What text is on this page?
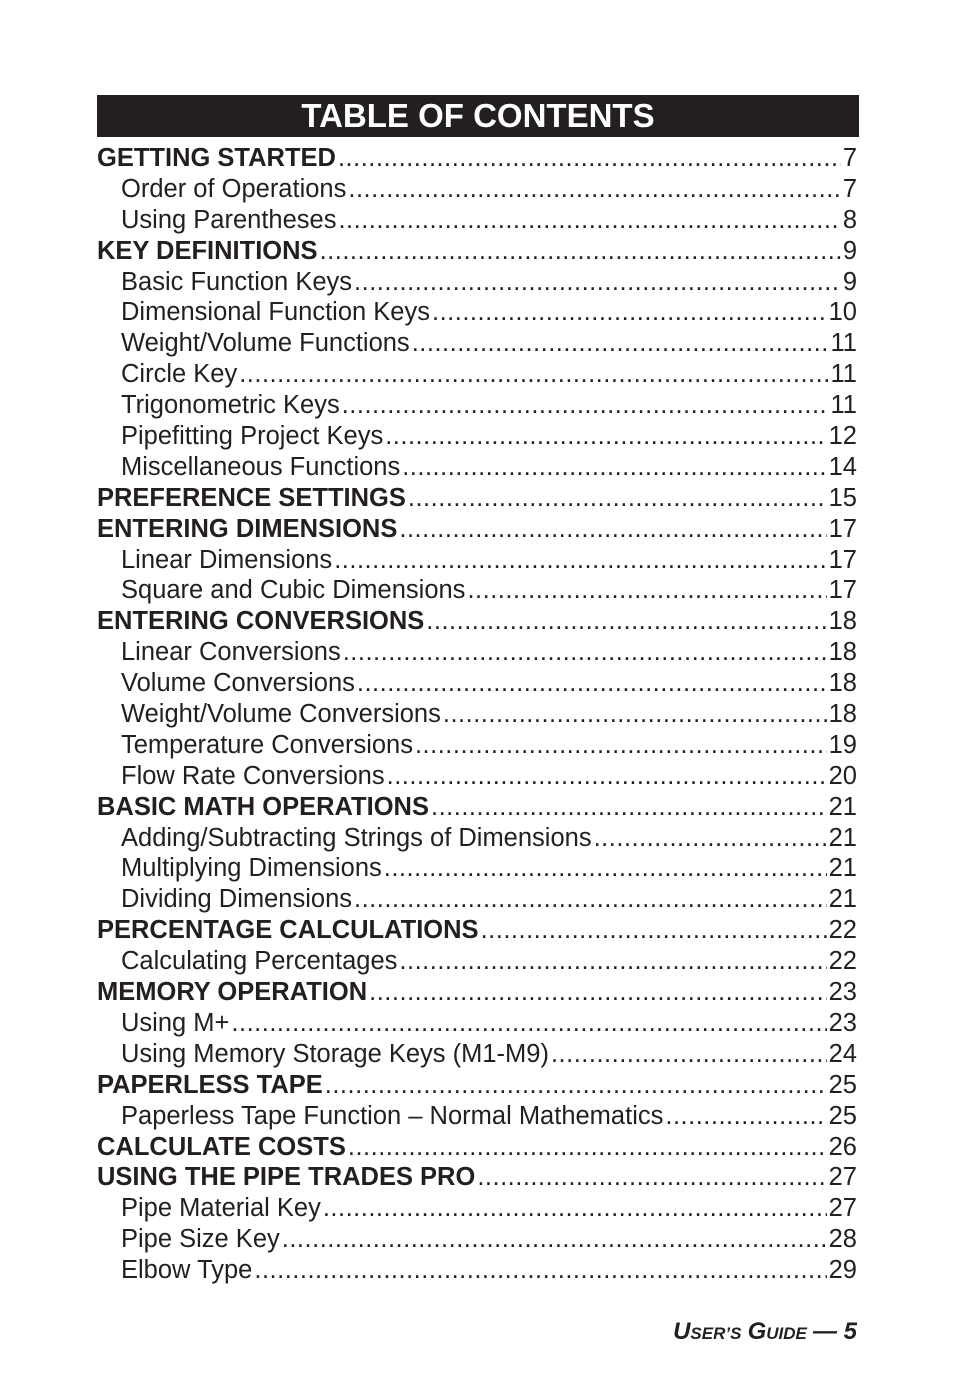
TABLE OF CONTENTS
GETTING STARTED .....	7
Order of Operations .....	7
Using Parentheses .....	8
KEY DEFINITIONS .....	9
Basic Function Keys .....	9
Dimensional Function Keys .....	10
Weight/Volume Functions .....	11
Circle Key .....	11
Trigonometric Keys .....	11
Pipefitting Project Keys .....	12
Miscellaneous Functions .....	14
PREFERENCE SETTINGS .....	15
ENTERING DIMENSIONS .....	17
Linear Dimensions .....	17
Square and Cubic Dimensions .....	17
ENTERING CONVERSIONS .....	18
Linear Conversions .....	18
Volume Conversions .....	18
Weight/Volume Conversions .....	18
Temperature Conversions .....	19
Flow Rate Conversions .....	20
BASIC MATH OPERATIONS .....	21
Adding/Subtracting Strings of Dimensions .....	21
Multiplying Dimensions .....	21
Dividing Dimensions .....	21
PERCENTAGE CALCULATIONS .....	22
Calculating Percentages .....	22
MEMORY OPERATION .....	23
Using M+ .....	23
Using Memory Storage Keys (M1-M9) .....	24
PAPERLESS TAPE .....	25
Paperless Tape Function – Normal Mathematics .....	25
CALCULATE COSTS .....	26
USING THE PIPE TRADES PRO .....	27
Pipe Material Key .....	27
Pipe Size Key .....	28
Elbow Type .....	29
USER’S GUIDE — 5
